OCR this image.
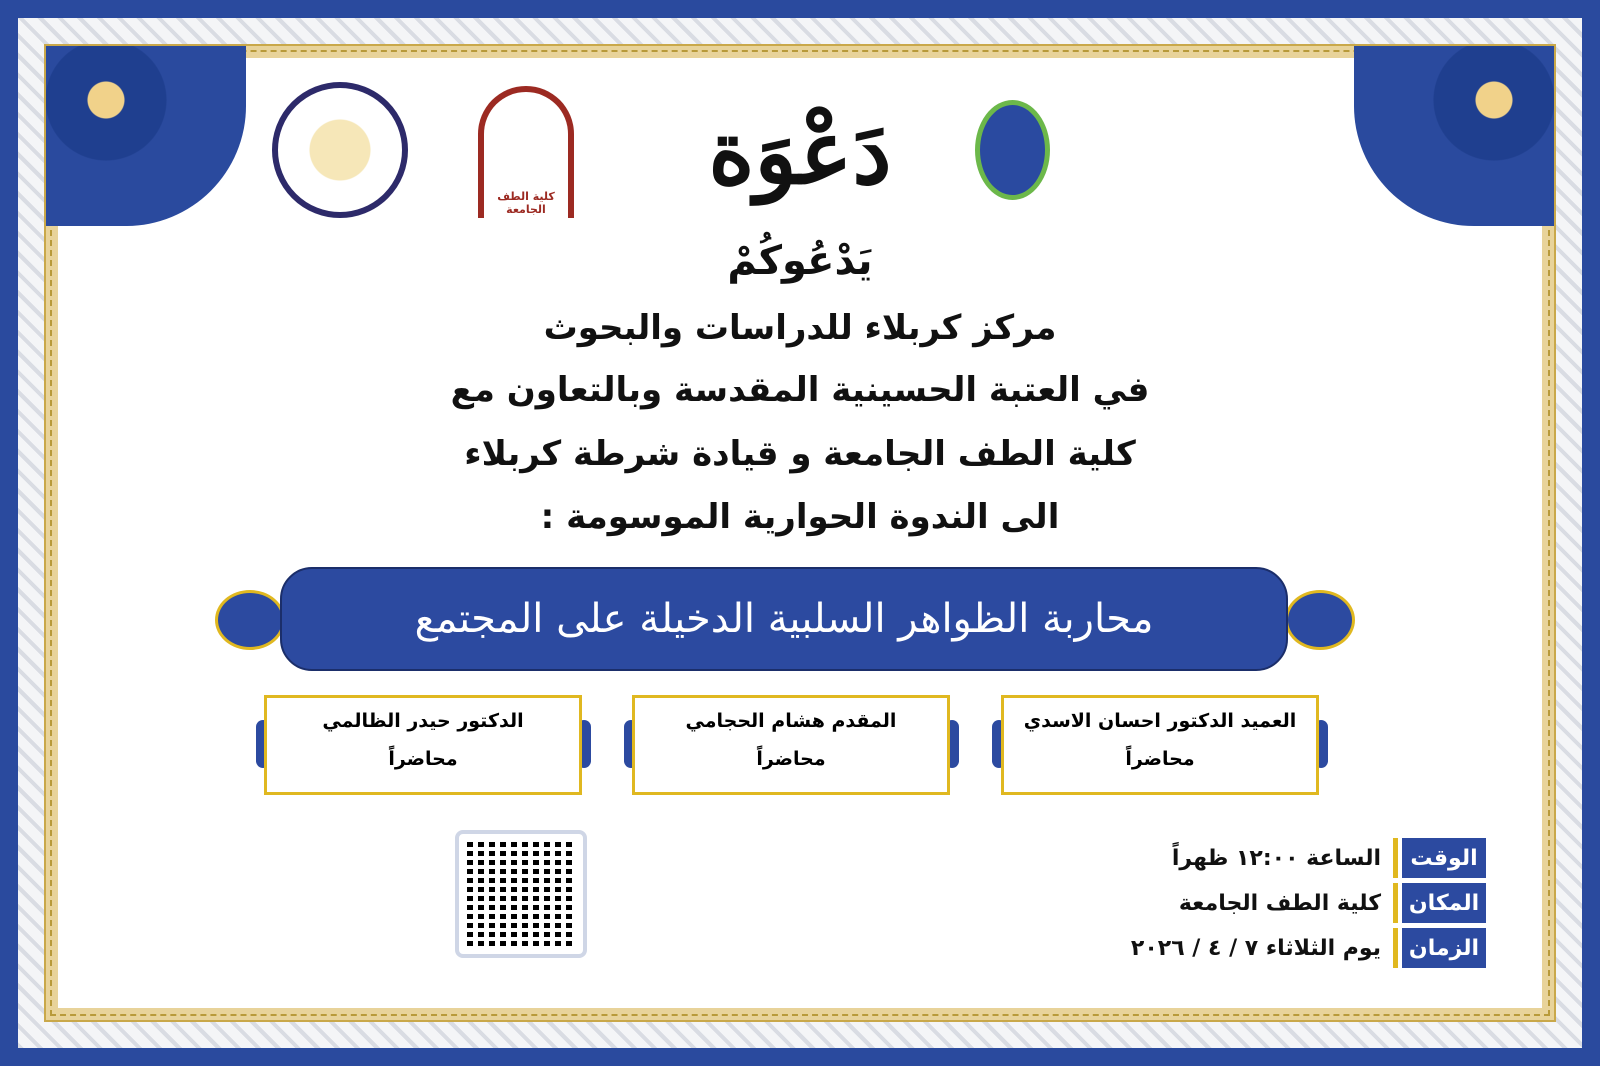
كلية الطف الجامعة
دَعْوَة
يَدْعُوكُمْ
مركز كربلاء للدراسات والبحوث
في العتبة الحسينية المقدسة وبالتعاون مع
كلية الطف الجامعة و قيادة شرطة كربلاء
الى الندوة الحوارية الموسومة :
محاربة الظواهر السلبية الدخيلة على المجتمع
العميد الدكتور احسان الاسدي
محاضراً
المقدم هشام الحجامي
محاضراً
الدكتور حيدر الظالمي
محاضراً
الوقت
الساعة ١٢:٠٠ ظهراً
المكان
كلية الطف الجامعة
الزمان
يوم الثلاثاء ٧ / ٤ / ٢٠٢٦
